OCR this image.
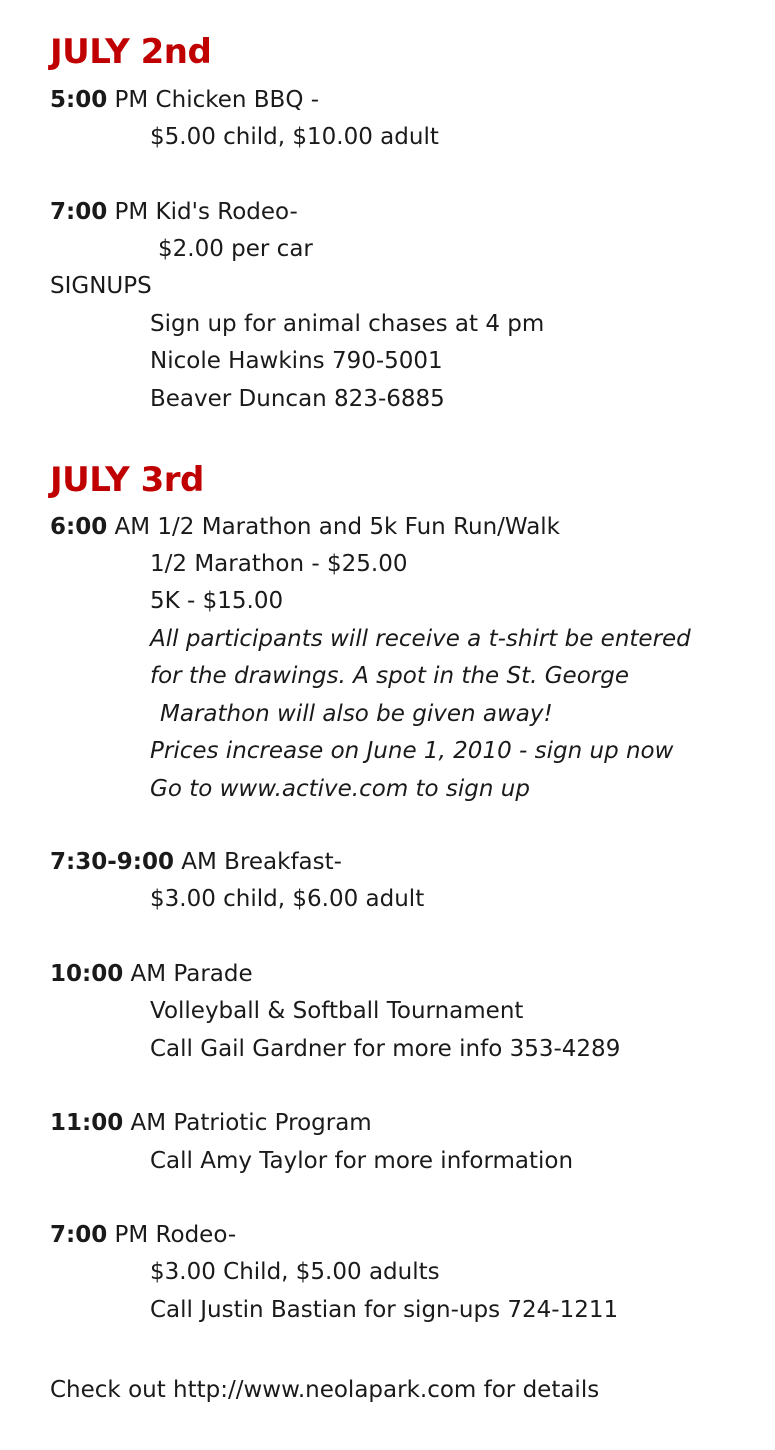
JULY 2nd
5:00 PM Chicken BBQ -
$5.00 child, $10.00 adult
7:00 PM Kid's Rodeo-
$2.00 per car
SIGNUPS
Sign up for animal chases at 4 pm
Nicole Hawkins 790-5001
Beaver Duncan 823-6885
JULY 3rd
6:00 AM 1/2 Marathon and 5k Fun Run/Walk
1/2 Marathon - $25.00
5K - $15.00
All participants will receive a t-shirt be entered
for the drawings. A spot in the St. George
Marathon will also be given away!
Prices increase on June 1, 2010 - sign up now
Go to www.active.com to sign up
7:30-9:00 AM Breakfast-
$3.00 child, $6.00 adult
10:00 AM Parade
Volleyball & Softball Tournament
Call Gail Gardner for more info 353-4289
11:00 AM Patriotic Program
Call Amy Taylor for more information
7:00 PM Rodeo-
$3.00 Child, $5.00 adults
Call Justin Bastian for sign-ups 724-1211
Check out http://www.neolapark.com for details
